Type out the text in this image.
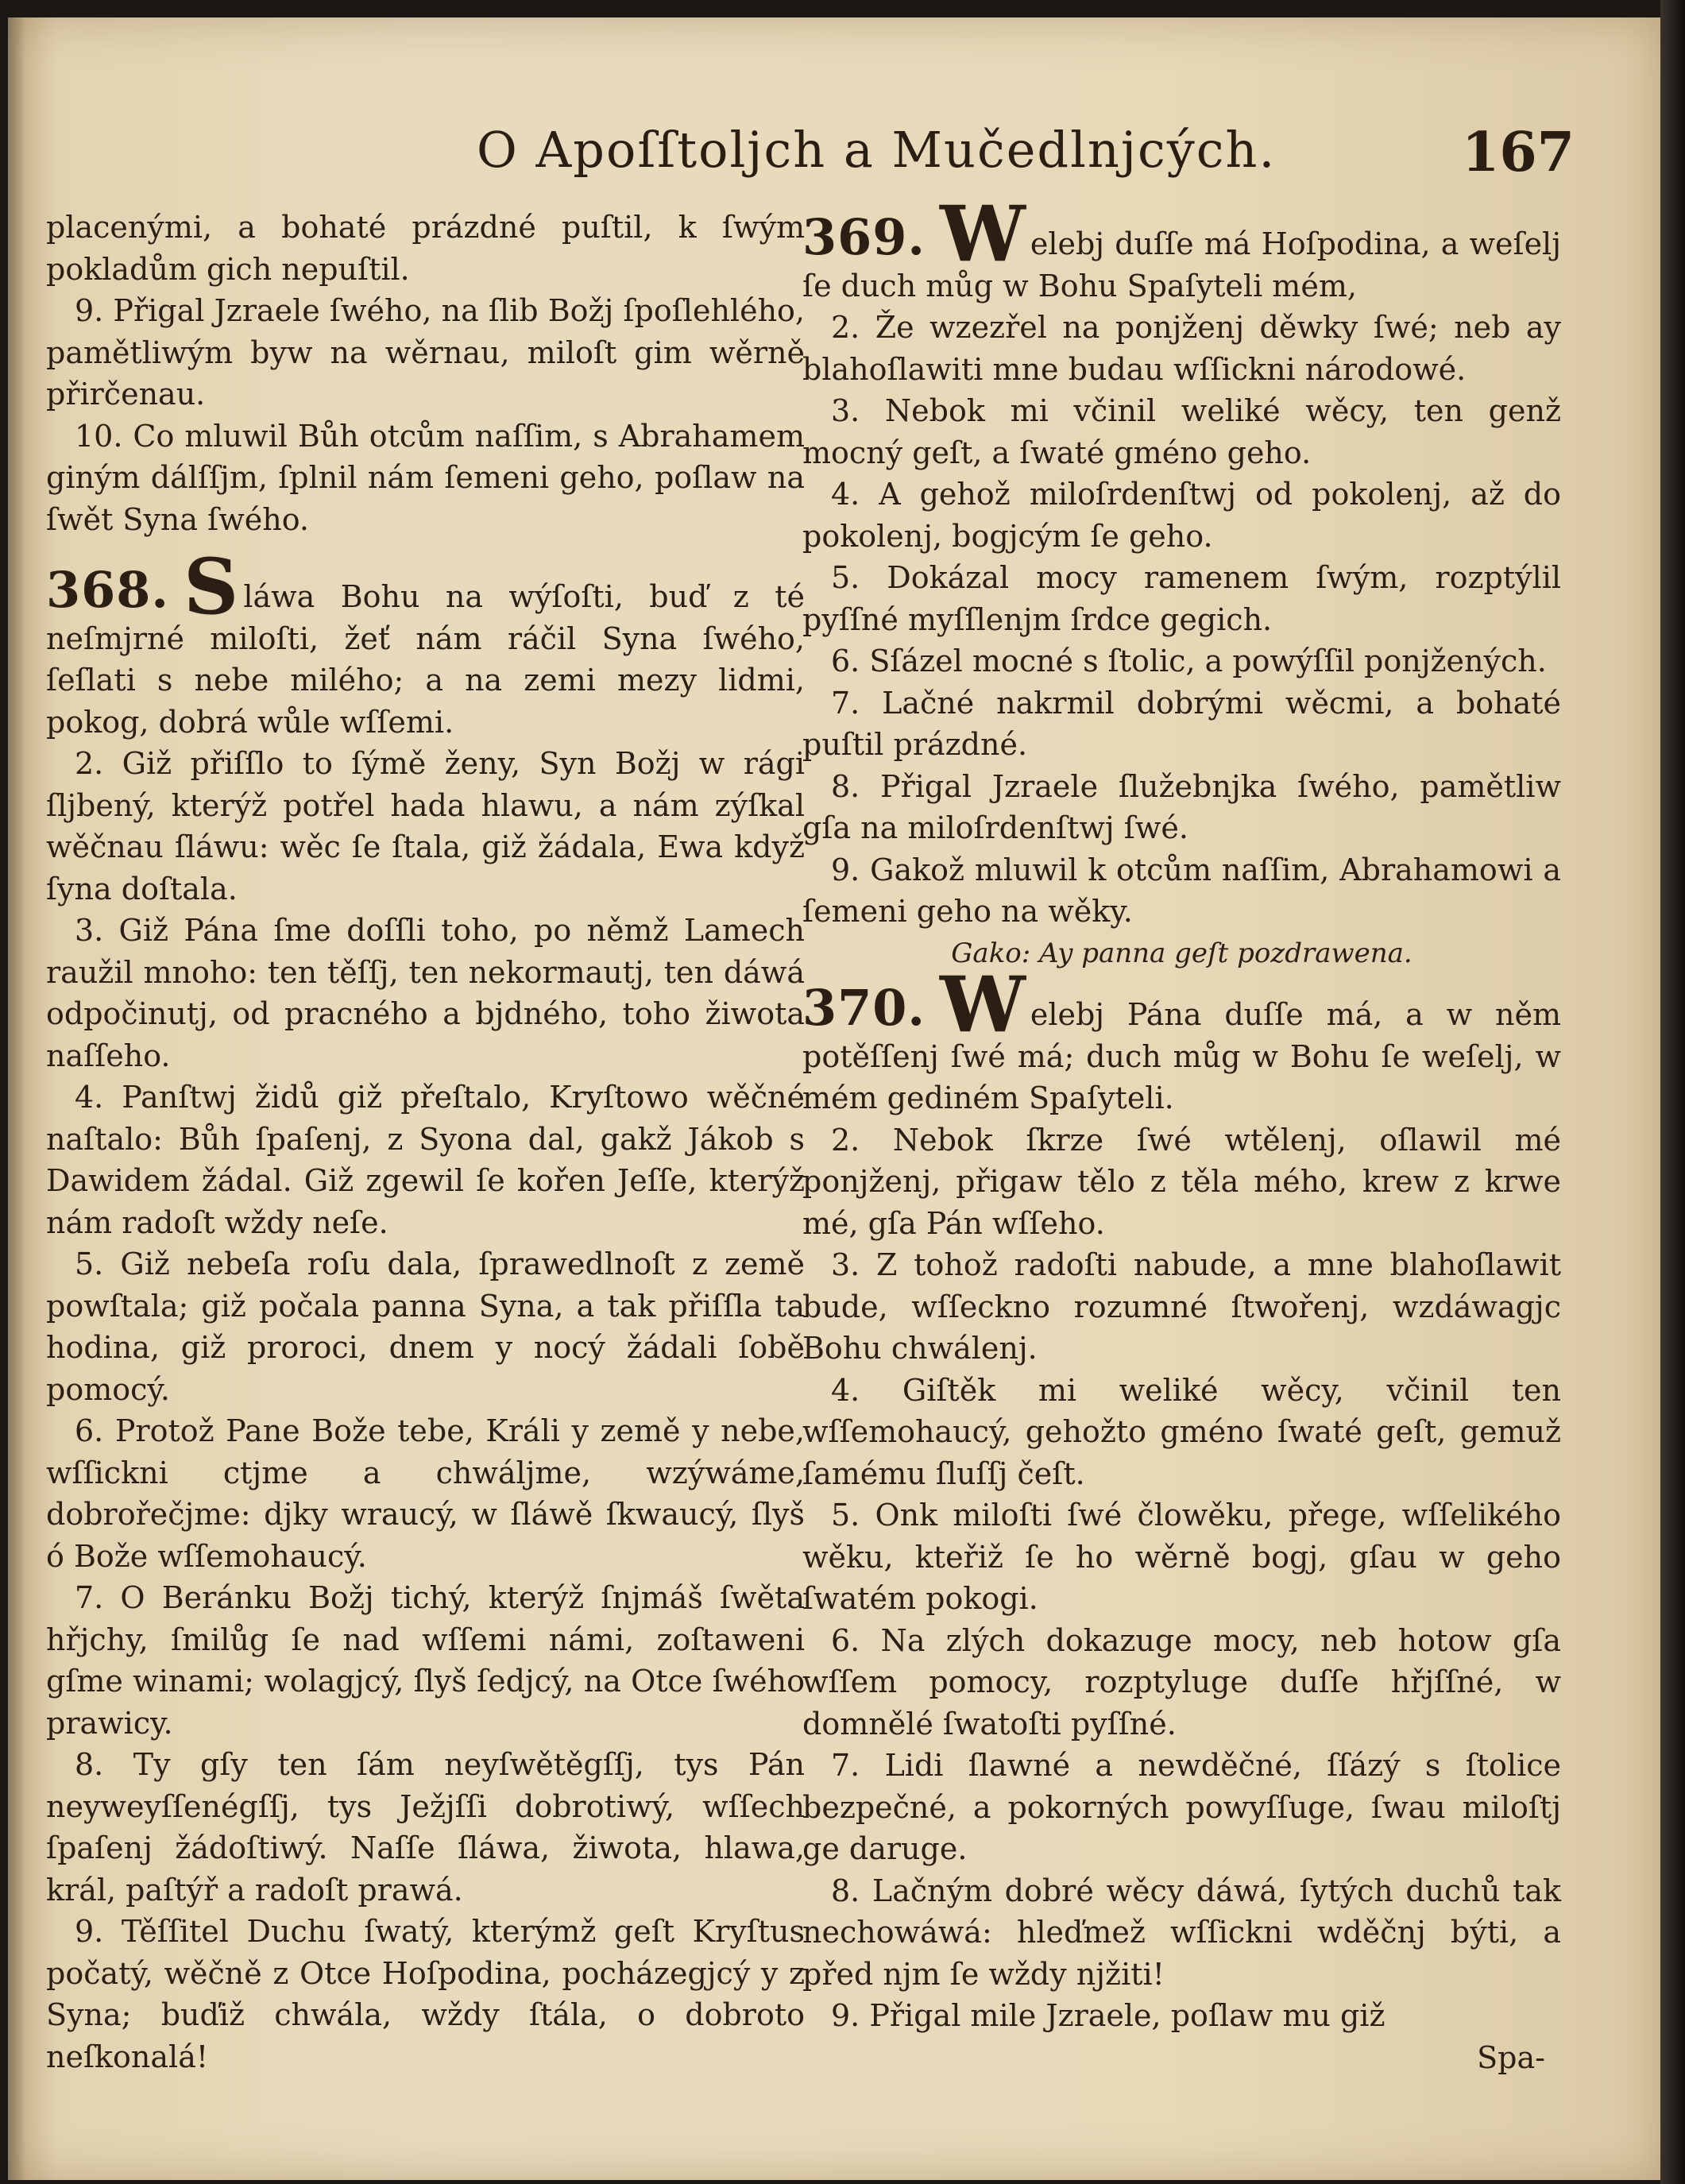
O Apoſſtoljch a Mučedlnjcých.	167

placenými, a bohaté prázdné puſtil, k ſwým pokladům gich nepuſtil.

9. Přigal Jzraele ſwého, na ſlib Božj ſpoſlehlého, pamětliwým byw na wěrnau, miloſt gim wěrně přirčenau.

10. Co mluwil Bůh otcům naſſim, s Abrahamem giným dálſſjm, ſplnil nám ſemeni geho, poſlaw na ſwět Syna ſwého.

368. S láwa Bohu na wýſoſti, buď z té neſmjrné miloſti, žeť nám ráčil Syna ſwého, ſeſlati s nebe milého; a na zemi mezy lidmi, pokog, dobrá wůle wſſemi.

2. Giž přiſſlo to ſýmě ženy, Syn Božj w rági ſljbený, kterýž potřel hada hlawu, a nám zýſkal wěčnau ſláwu: wěc ſe ſtala, giž žádala, Ewa když ſyna doſtala.

3. Giž Pána ſme doſſli toho, po němž Lamech raužil mnoho: ten těſſj, ten nekormautj, ten dáwá odpočinutj, od pracného a bjdného, toho žiwota naſſeho.

4. Panſtwj židů giž přeſtalo, Kryſtowo wěčné naſtalo: Bůh ſpaſenj, z Syona dal, gakž Jákob s Dawidem žádal. Giž zgewil ſe kořen Jeſſe, kterýž nám radoſt wždy neſe.

5. Giž nebeſa roſu dala, ſprawedlnoſt z země powſtala; giž počala panna Syna, a tak přiſſla ta hodina, giž proroci, dnem y nocý žádali ſobě pomocý.

6. Protož Pane Bože tebe, Králi y země y nebe, wſſickni ctjme a chwáljme, wzýwáme, dobrořečjme: djky wraucý, w ſláwě ſkwaucý, ſlyš ó Bože wſſemohaucý.

7. O Beránku Božj tichý, kterýž ſnjmáš ſwěta hřjchy, ſmilůg ſe nad wſſemi námi, zoſtaweni gſme winami; wolagjcý, ſlyš ſedjcý, na Otce ſwého prawicy.

8. Ty gſy ten ſám neyſwětěgſſj, tys Pán neyweyſſenégſſj, tys Ježjſſi dobrotiwý, wſſech ſpaſenj žádoſtiwý. Naſſe ſláwa, žiwota, hlawa, král, paſtýř a radoſt prawá.

9. Těſſitel Duchu ſwatý, kterýmž geſt Kryſtus počatý, wěčně z Otce Hoſpodina, pocházegjcý y z Syna; buďiž chwála, wždy ſtála, o dobroto neſkonalá!

369. W elebj duſſe má Hoſpodina, a weſelj ſe duch můg w Bohu Spaſyteli mém,

2. Že wzezřel na ponjženj děwky ſwé; neb ay blahoſlawiti mne budau wſſickni národowé.

3. Nebok mi včinil weliké wěcy, ten genž mocný geſt, a ſwaté gméno geho.

4. A gehož miloſrdenſtwj od pokolenj, až do pokolenj, bogjcým ſe geho.

5. Dokázal mocy ramenem ſwým, rozptýlil pyſſné myſſlenjm ſrdce gegich.

6. Sſázel mocné s ſtolic, a powýſſil ponjžených.

7. Lačné nakrmil dobrými wěcmi, a bohaté puſtil prázdné.

8. Přigal Jzraele ſlužebnjka ſwého, pamětliw gſa na miloſrdenſtwj ſwé.

9. Gakož mluwil k otcům naſſim, Abrahamowi a ſemeni geho na wěky.

Gako: Ay panna geſt pozdrawena.

370. W elebj Pána duſſe má, a w něm potěſſenj ſwé má; duch můg w Bohu ſe weſelj, w mém gediném Spaſyteli.

2. Nebok ſkrze ſwé wtělenj, oſlawil mé ponjženj, přigaw tělo z těla mého, krew z krwe mé, gſa Pán wſſeho.

3. Z tohož radoſti nabude, a mne blahoſlawit bude, wſſeckno rozumné ſtwořenj, wzdáwagjc Bohu chwálenj.

4. Giſtěk mi weliké wěcy, včinil ten wſſemohaucý, gehožto gméno ſwaté geſt, gemuž ſamému ſluſſj čeſt.

5. Onk miloſti ſwé člowěku, přege, wſſelikého wěku, kteřiž ſe ho wěrně bogj, gſau w geho ſwatém pokogi.

6. Na zlých dokazuge mocy, neb hotow gſa wſſem pomocy, rozptyluge duſſe hřjſſné, w domnělé ſwatoſti pyſſné.

7. Lidi ſlawné a newděčné, ſſázý s ſtolice bezpečné, a pokorných powyſſuge, ſwau miloſtj ge daruge.

8. Lačným dobré wěcy dáwá, ſytých duchů tak nechowáwá: hleďmež wſſickni wděčnj býti, a před njm ſe wždy njžiti!

9. Přigal mile Jzraele, poſlaw mu giž

Spa-
